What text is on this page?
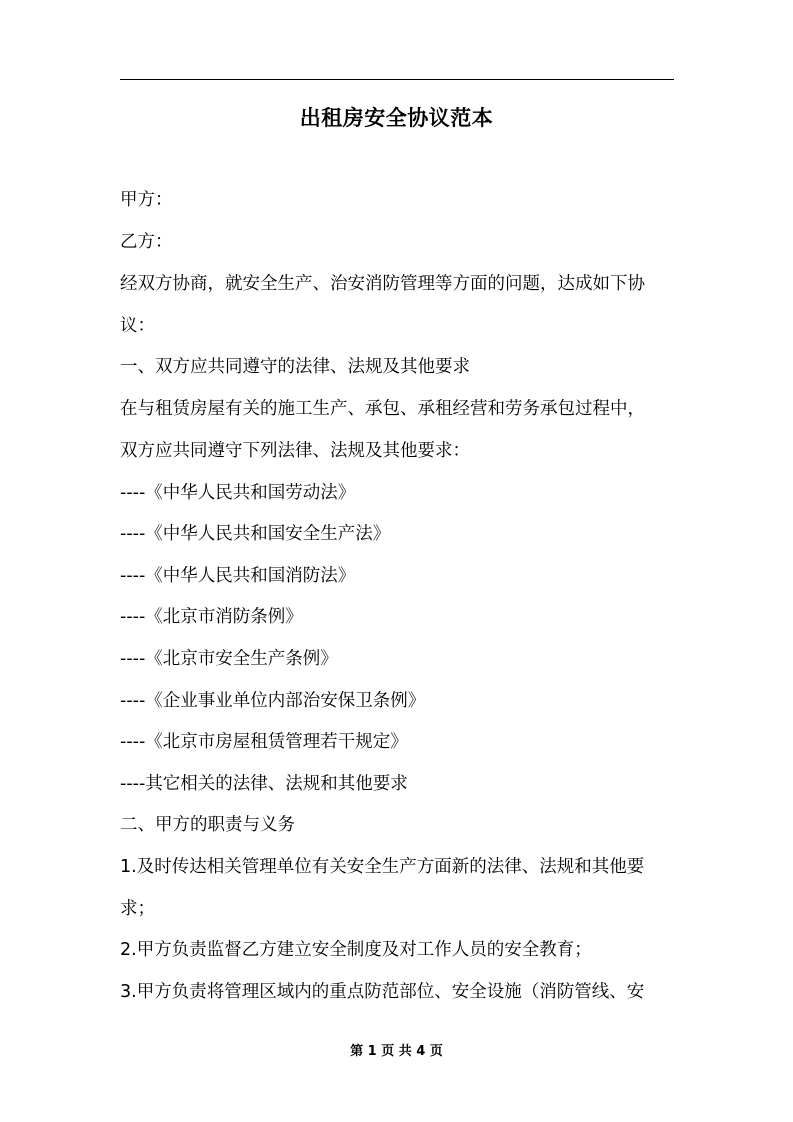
出租房安全协议范本
甲方：
乙方：
经双方协商，就安全生产、治安消防管理等方面的问题，达成如下协
议：
一、双方应共同遵守的法律、法规及其他要求
在与租赁房屋有关的施工生产、承包、承租经营和劳务承包过程中，
双方应共同遵守下列法律、法规及其他要求：
----《中华人民共和国劳动法》
----《中华人民共和国安全生产法》
----《中华人民共和国消防法》
----《北京市消防条例》
----《北京市安全生产条例》
----《企业事业单位内部治安保卫条例》
----《北京市房屋租赁管理若干规定》
----其它相关的法律、法规和其他要求
二、甲方的职责与义务
1.及时传达相关管理单位有关安全生产方面新的法律、法规和其他要
求；
2.甲方负责监督乙方建立安全制度及对工作人员的安全教育；
3.甲方负责将管理区域内的重点防范部位、安全设施（消防管线、安
第 1 页 共 4 页
